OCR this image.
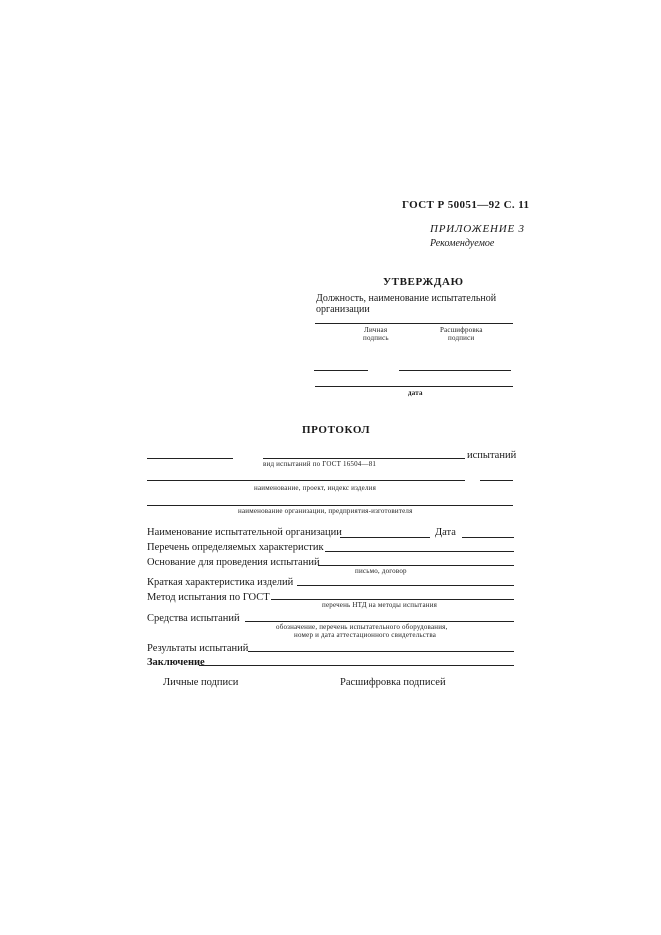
ГОСТ Р 50051—92 С. 11
ПРИЛОЖЕНИЕ 3
Рекомендуемое
УТВЕРЖДАЮ
Должность, наименование испытательной
организации
Личная
подпись
Расшифровка
подписи
дата
ПРОТОКОЛ
испытаний
вид испытаний по ГОСТ 16504—81
наименование, проект, индекс изделия
наименование организации, предприятия-изготовителя
Наименование испытательной организации	Дата
Перечень определяемых характеристик
Основание для проведения испытаний
письмо, договор
Краткая характеристика изделий
Метод испытания по ГОСТ
перечень НТД на методы испытания
Средства испытаний
обозначение, перечень испытательного оборудования,
номер и дата аттестационного свидетельства
Результаты испытаний
Заключение
Личные подписи	Расшифровка подписей
